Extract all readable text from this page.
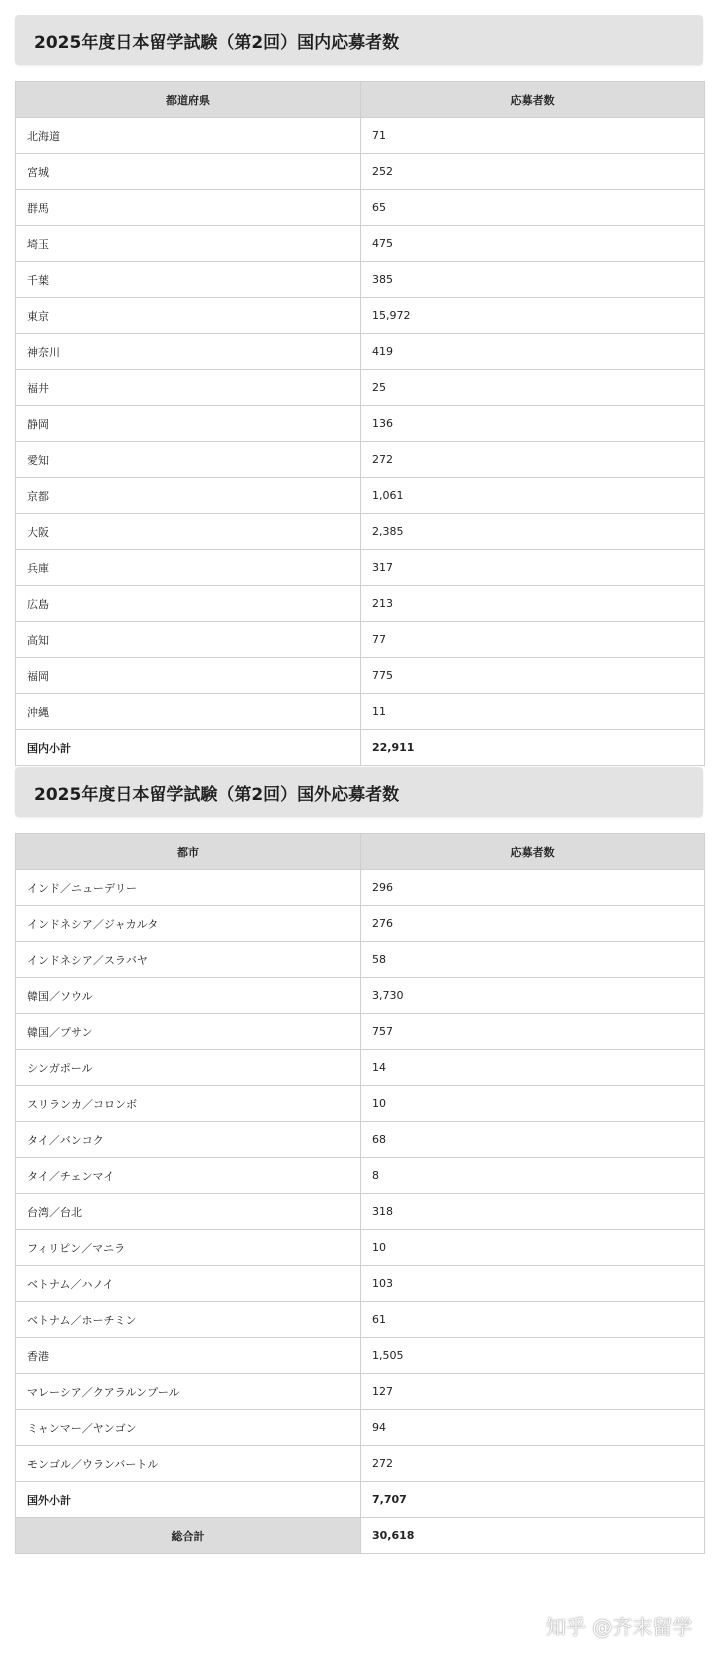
2025年度日本留学試験（第2回）国内応募者数
都道府県	応募者数
北海道	71
宮城	252
群馬	65
埼玉	475
千葉	385
東京	15,972
神奈川	419
福井	25
静岡	136
愛知	272
京都	1,061
大阪	2,385
兵庫	317
広島	213
高知	77
福岡	775
沖縄	11
国内小計	22,911
2025年度日本留学試験（第2回）国外応募者数
都市	応募者数
インド／ニューデリー	296
インドネシア／ジャカルタ	276
インドネシア／スラバヤ	58
韓国／ソウル	3,730
韓国／プサン	757
シンガポール	14
スリランカ／コロンボ	10
タイ／バンコク	68
タイ／チェンマイ	8
台湾／台北	318
フィリピン／マニラ	10
ベトナム／ハノイ	103
ベトナム／ホーチミン	61
香港	1,505
マレーシア／クアラルンプール	127
ミャンマー／ヤンゴン	94
モンゴル／ウランバートル	272
国外小計	7,707
総合計	30,618
知乎 @齐末留学
